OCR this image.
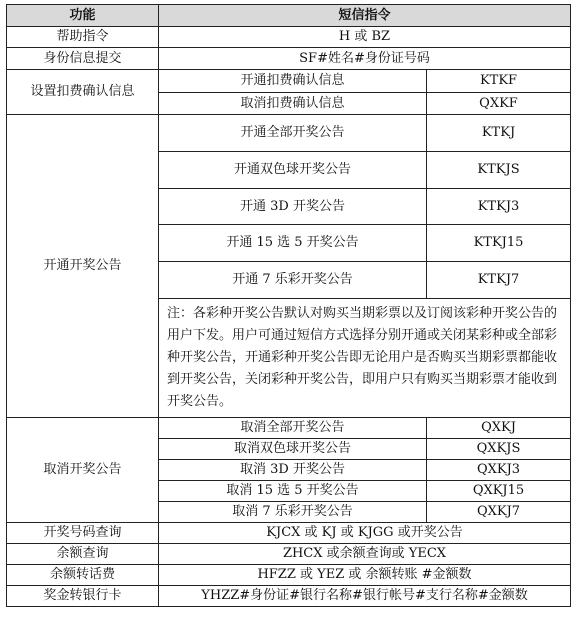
功能	短信指令	
帮助指令	H 或 BZ	
身份信息提交	SF#姓名#身份证号码	
设置扣费确认信息	开通扣费确认信息	KTKF
	取消扣费确认信息	QXKF
开通开奖公告	开通全部开奖公告	KTKJ
	开通双色球开奖公告	KTKJS
	开通 3D 开奖公告	KTKJ3
	开通 15 选 5 开奖公告	KTKJ15
	开通 7 乐彩开奖公告	KTKJ7
	注：各彩种开奖公告默认对购买当期彩票以及订阅该彩种开奖公告的用户下发。用户可通过短信方式选择分别开通或关闭某彩种或全部彩种开奖公告，开通彩种开奖公告即无论用户是否购买当期彩票都能收到开奖公告，关闭彩种开奖公告，即用户只有购买当期彩票才能收到开奖公告。	
取消开奖公告	取消全部开奖公告	QXKJ
	取消双色球开奖公告	QXKJS
	取消 3D 开奖公告	QXKJ3
	取消 15 选 5 开奖公告	QXKJ15
	取消 7 乐彩开奖公告	QXKJ7
开奖号码查询	KJCX 或 KJ 或 KJGG 或开奖公告	
余额查询	ZHCX 或余额查询或 YECX	
余额转话费	HFZZ 或 YEZ 或 余额转账 #金额数	
奖金转银行卡	YHZZ#身份证#银行名称#银行帐号#支行名称#金额数	
